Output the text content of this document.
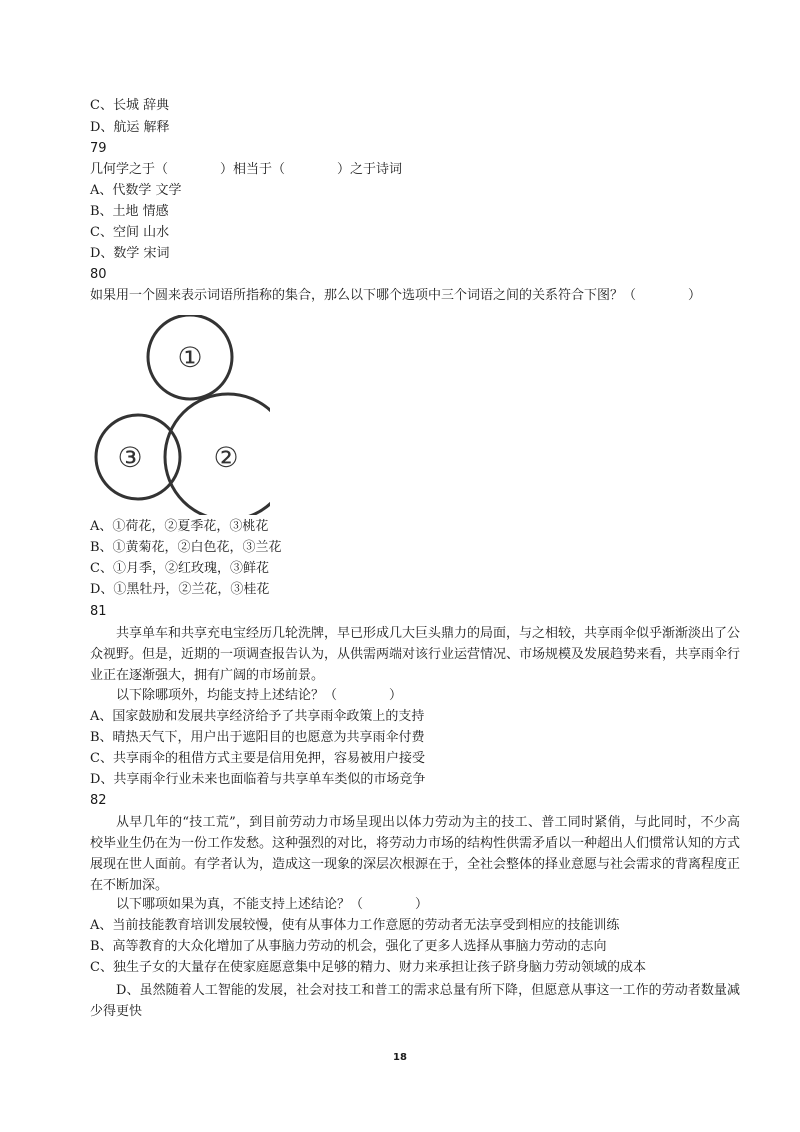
C、长城 辞典
D、航运 解释
79
几何学之于（　　　　）相当于（　　　　）之于诗词
A、代数学 文学
B、土地 情感
C、空间 山水
D、数学 宋词
80
如果用一个圆来表示词语所指称的集合，那么以下哪个选项中三个词语之间的关系符合下图？（　　　　）
①
③	②
A、①荷花，②夏季花，③桃花
B、①黄菊花，②白色花，③兰花
C、①月季，②红玫瑰，③鲜花
D、①黑牡丹，②兰花，③桂花
81
共享单车和共享充电宝经历几轮洗牌，早已形成几大巨头鼎力的局面，与之相较，共享雨伞似乎渐渐淡出了公众视野。但是，近期的一项调查报告认为，从供需两端对该行业运营情况、市场规模及发展趋势来看，共享雨伞行业正在逐渐强大，拥有广阔的市场前景。
以下除哪项外，均能支持上述结论？（　　　　）
A、国家鼓励和发展共享经济给予了共享雨伞政策上的支持
B、晴热天气下，用户出于遮阳目的也愿意为共享雨伞付费
C、共享雨伞的租借方式主要是信用免押，容易被用户接受
D、共享雨伞行业未来也面临着与共享单车类似的市场竞争
82
从早几年的“技工荒”，到目前劳动力市场呈现出以体力劳动为主的技工、普工同时紧俏，与此同时，不少高校毕业生仍在为一份工作发愁。这种强烈的对比，将劳动力市场的结构性供需矛盾以一种超出人们惯常认知的方式展现在世人面前。有学者认为，造成这一现象的深层次根源在于，全社会整体的择业意愿与社会需求的背离程度正在不断加深。
以下哪项如果为真，不能支持上述结论？（　　　　）
A、当前技能教育培训发展较慢，使有从事体力工作意愿的劳动者无法享受到相应的技能训练
B、高等教育的大众化增加了从事脑力劳动的机会，强化了更多人选择从事脑力劳动的志向
C、独生子女的大量存在使家庭愿意集中足够的精力、财力来承担让孩子跻身脑力劳动领域的成本
D、虽然随着人工智能的发展，社会对技工和普工的需求总量有所下降，但愿意从事这一工作的劳动者数量减少得更快
18
